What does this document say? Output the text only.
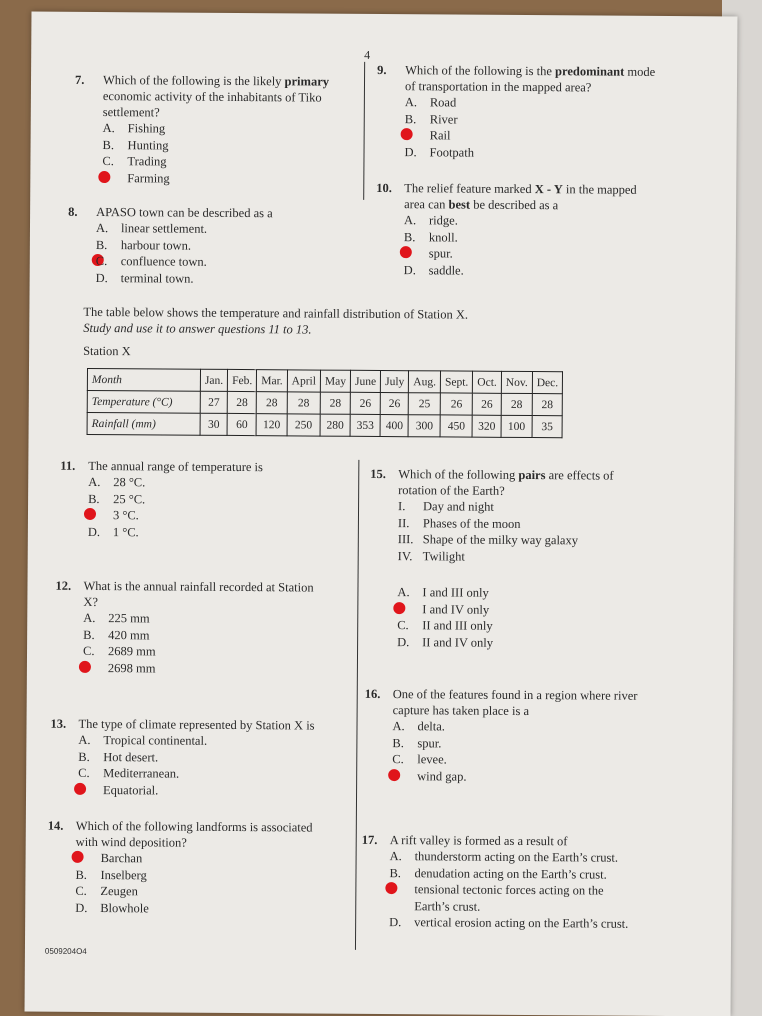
4
7. Which of the following is the likely primary
economic activity of the inhabitants of Tiko
settlement?
A. Fishing
B. Hunting
C. Trading
Farming
8. APASO town can be described as a
A. linear settlement.
B. harbour town.
C. confluence town.
D. terminal town.
9. Which of the following is the predominant mode
of transportation in the mapped area?
A. Road
B. River
Rail
D. Footpath
10. The relief feature marked X - Y in the mapped
area can best be described as a
A. ridge.
B. knoll.
spur.
D. saddle.
The table below shows the temperature and rainfall distribution of Station X.
Study and use it to answer questions 11 to 13.
Station X
Month	Jan.	Feb.	Mar.	April	May	June	July	Aug.	Sept.	Oct.	Nov.	Dec.
Temperature (°C)	27	28	28	28	28	26	26	25	26	26	28	28
Rainfall (mm)	30	60	120	250	280	353	400	300	450	320	100	35
11. The annual range of temperature is
A. 28 °C.
B. 25 °C.
3 °C.
D. 1 °C.
12. What is the annual rainfall recorded at Station
X?
A. 225 mm
B. 420 mm
C. 2689 mm
2698 mm
13. The type of climate represented by Station X is
A. Tropical continental.
B. Hot desert.
C. Mediterranean.
Equatorial.
14. Which of the following landforms is associated
with wind deposition?
Barchan
B. Inselberg
C. Zeugen
D. Blowhole
15. Which of the following pairs are effects of
rotation of the Earth?
I. Day and night
II. Phases of the moon
III. Shape of the milky way galaxy
IV. Twilight
A. I and III only
I and IV only
C. II and III only
D. II and IV only
16. One of the features found in a region where river
capture has taken place is a
A. delta.
B. spur.
C. levee.
wind gap.
17. A rift valley is formed as a result of
A. thunderstorm acting on the Earth’s crust.
B. denudation acting on the Earth’s crust.
tensional tectonic forces acting on the
Earth’s crust.
D. vertical erosion acting on the Earth’s crust.
0509204O4
